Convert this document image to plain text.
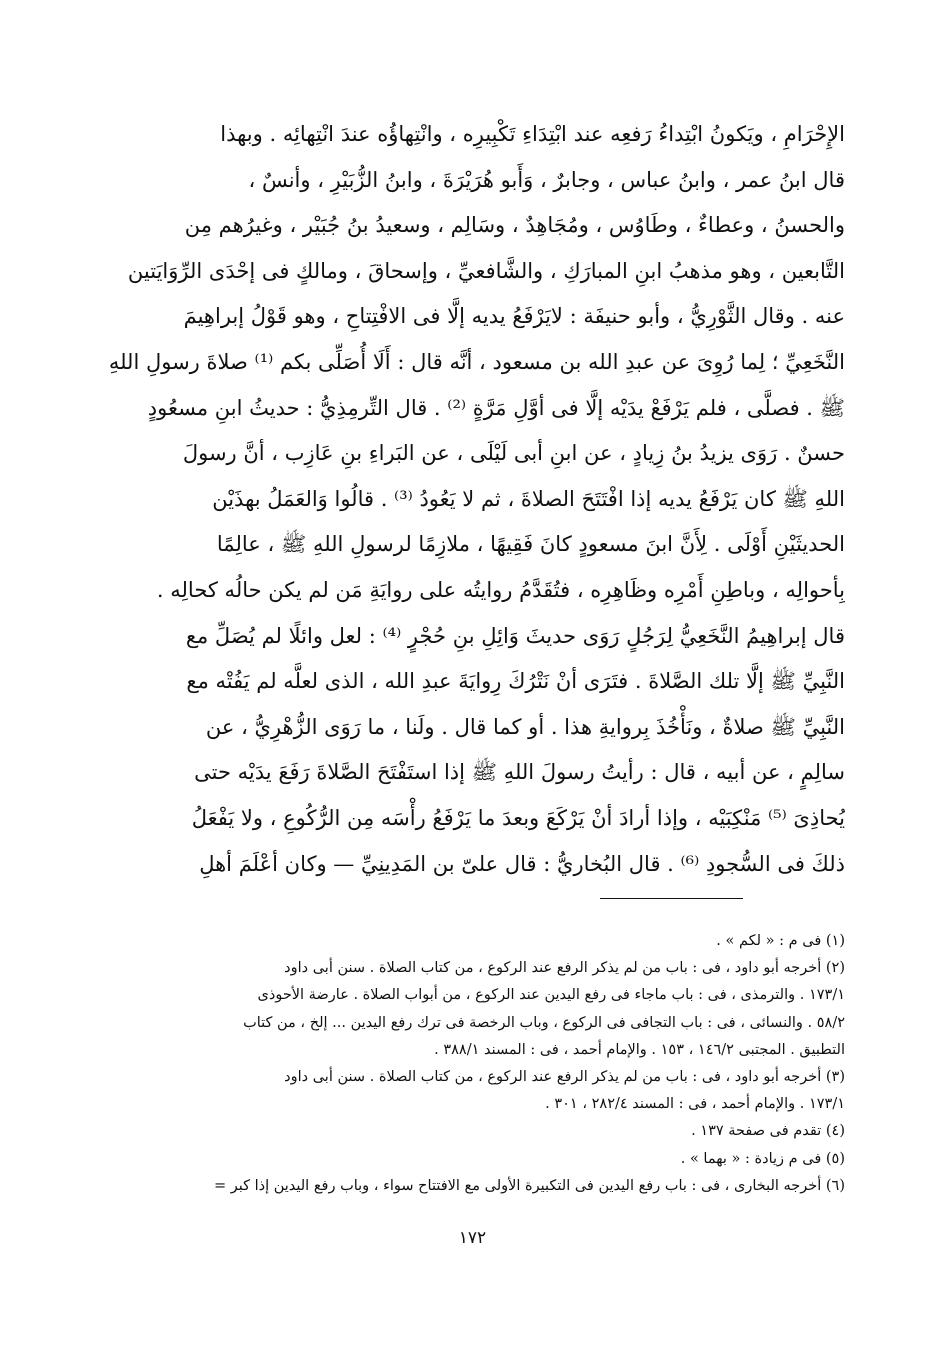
الإِحْرَامِ ، ويَكونُ ابْتِداءُ رَفعِه عند ابْتِدَاءِ تَكْبِيرِه ، وانْتِهاؤُه عندَ انْتِهائِه . وبهذا
قال ابنُ عمر ، وابنُ عباس ، وجابرٌ ، وَأَبو هُرَيْرَةَ ، وابنُ الزُّبَيْرِ ، وأنسٌ ،
والحسنُ ، وعطاءٌ ، وطَاوُس ، ومُجَاهِدٌ ، وسَالِم ، وسعيدُ بنُ جُبَيْر ، وغيرُهم مِن
التَّابعين ، وهو مذهبُ ابنِ المبارَكِ ، والشَّافعيِّ ، وإسحاقَ ، ومالكٍ فى إحْدَى الرِّوَايَتين
عنه . وقال الثَّوْرِيُّ ، وأبو حنيفَة : لايَرْفَعُ يديه إلَّا فى الافْتِتاحِ ، وهو قَوْلُ إبراهِيمَ
النَّخَعِيِّ ؛ لِما رُوِىَ عن عبدِ الله بن مسعود ، أنَّه قال : أَلَا أُصَلِّى بكم ⁽¹⁾ صلاةَ رسولِ اللهِ
ﷺ . فصلَّى ، فلم يَرْفَعْ يدَيْه إلَّا فى أوَّلِ مَرَّةٍ ⁽²⁾ . قال التِّرمِذِيُّ : حديثُ ابنِ مسعُودٍ
حسنٌ . رَوَى يزيدُ بنُ زِيادٍ ، عن ابنِ أبى لَيْلَى ، عن البَراءِ بنِ عَازِب ، أنَّ رسولَ
اللهِ ﷺ كان يَرْفَعُ يديه إذا افْتَتَحَ الصلاةَ ، ثم لا يَعُودُ ⁽³⁾ . قالُوا وَالعَمَلُ بهذَيْن
الحديثَيْنِ أَوْلَى . لِأَنَّ ابنَ مسعودٍ كانَ فَقِيهًا ، ملازِمًا لرسولِ اللهِ ﷺ ، عالِمًا
بِأحوالِه ، وباطِنِ أَمْرِه وظَاهِرِه ، فتُقَدَّمُ روايتُه على روايَةِ مَن لم يكن حالُه كحالِه .
قال إبراهِيمُ النَّخَعِيُّ لِرَجُلٍ رَوَى حديثَ وَائِلِ بنِ حُجْرٍ ⁽⁴⁾ : لعل وائلًا لم يُصَلِّ مع
النَّبِيِّ ﷺ إلَّا تلك الصَّلاةَ . فتَرَى أنْ نَتْرُكَ رِوايَةَ عبدِ الله ، الذى لعلَّه لم يَفُتْه مع
النَّبِيِّ ﷺ صلاةٌ ، ونَأْخُذَ بِروايةِ هذا . أو كما قال . ولَنا ، ما رَوَى الزُّهْرِيُّ ، عن
سالِمٍ ، عن أبيه ، قال : رأيتُ رسولَ اللهِ ﷺ إذا استَفْتَحَ الصَّلاةَ رَفَعَ يدَيْه حتى
يُحاذِىَ ⁽⁵⁾ مَنْكِبَيْه ، وإذا أرادَ أنْ يَرْكَعَ وبعدَ ما يَرْفَعُ رأْسَه مِن الرُّكُوعِ ، ولا يَفْعَلُ
ذلكَ فى السُّجودِ ⁽⁶⁾ . قال البُخاريُّ : قال علىّ بن المَدِينِيِّ — وكان أعْلَمَ أهلِ
(١) فى م : « لكم » .
(٢) أخرجه أبو داود ، فى : باب من لم يذكر الرفع عند الركوع ، من كتاب الصلاة . سنن أبى داود
١٧٣/١ . والترمذى ، فى : باب ماجاء فى رفع اليدين عند الركوع ، من أبواب الصلاة . عارضة الأحوذى
٥٨/٢ . والنسائى ، فى : باب التجافى فى الركوع ، وباب الرخصة فى ترك رفع اليدين ... إلخ ، من كتاب
التطبيق . المجتبى ١٤٦/٢ ، ١٥٣ . والإمام أحمد ، فى : المسند ٣٨٨/١ .
(٣) أخرجه أبو داود ، فى : باب من لم يذكر الرفع عند الركوع ، من كتاب الصلاة . سنن أبى داود
١٧٣/١ . والإمام أحمد ، فى : المسند ٢٨٢/٤ ، ٣٠١ .
(٤) تقدم فى صفحة ١٣٧ .
(٥) فى م زيادة : « بهما » .
(٦) أخرجه البخارى ، فى : باب رفع اليدين فى التكبيرة الأولى مع الافتتاح سواء ، وباب رفع اليدين إذا كبر =
١٧٢
